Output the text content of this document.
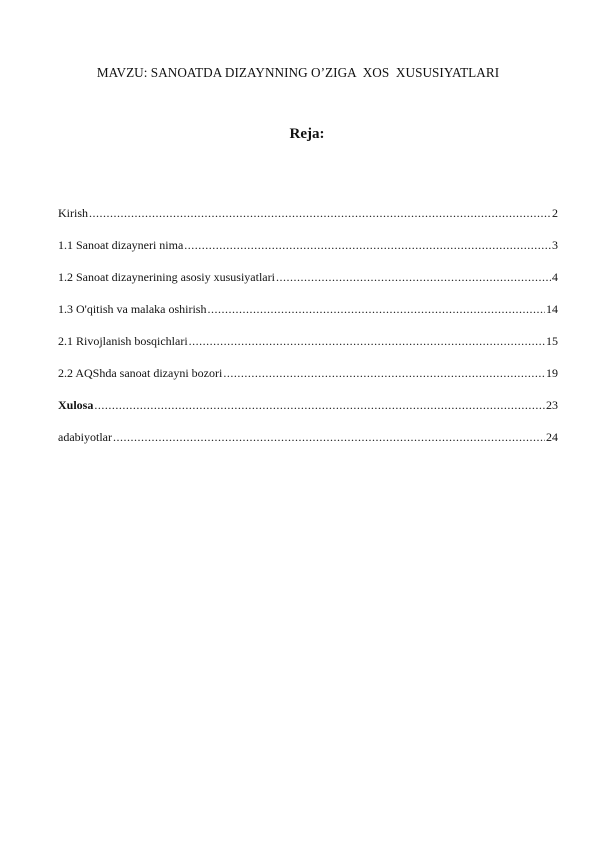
MAVZU: SANOATDA DIZAYNNING O’ZIGA  XOS  XUSUSIYATLARI
Reja:
Kirish .....	2
1.1 Sanoat dizayneri nima .....	3
1.2 Sanoat dizaynerining asosiy xususiyatlari .....	4
1.3 O'qitish va malaka oshirish .....	14
2.1 Rivojlanish bosqichlari .....	15
2.2 AQShda sanoat dizayni bozori .....	19
Xulosa .....	23
adabiyotlar .....	24
